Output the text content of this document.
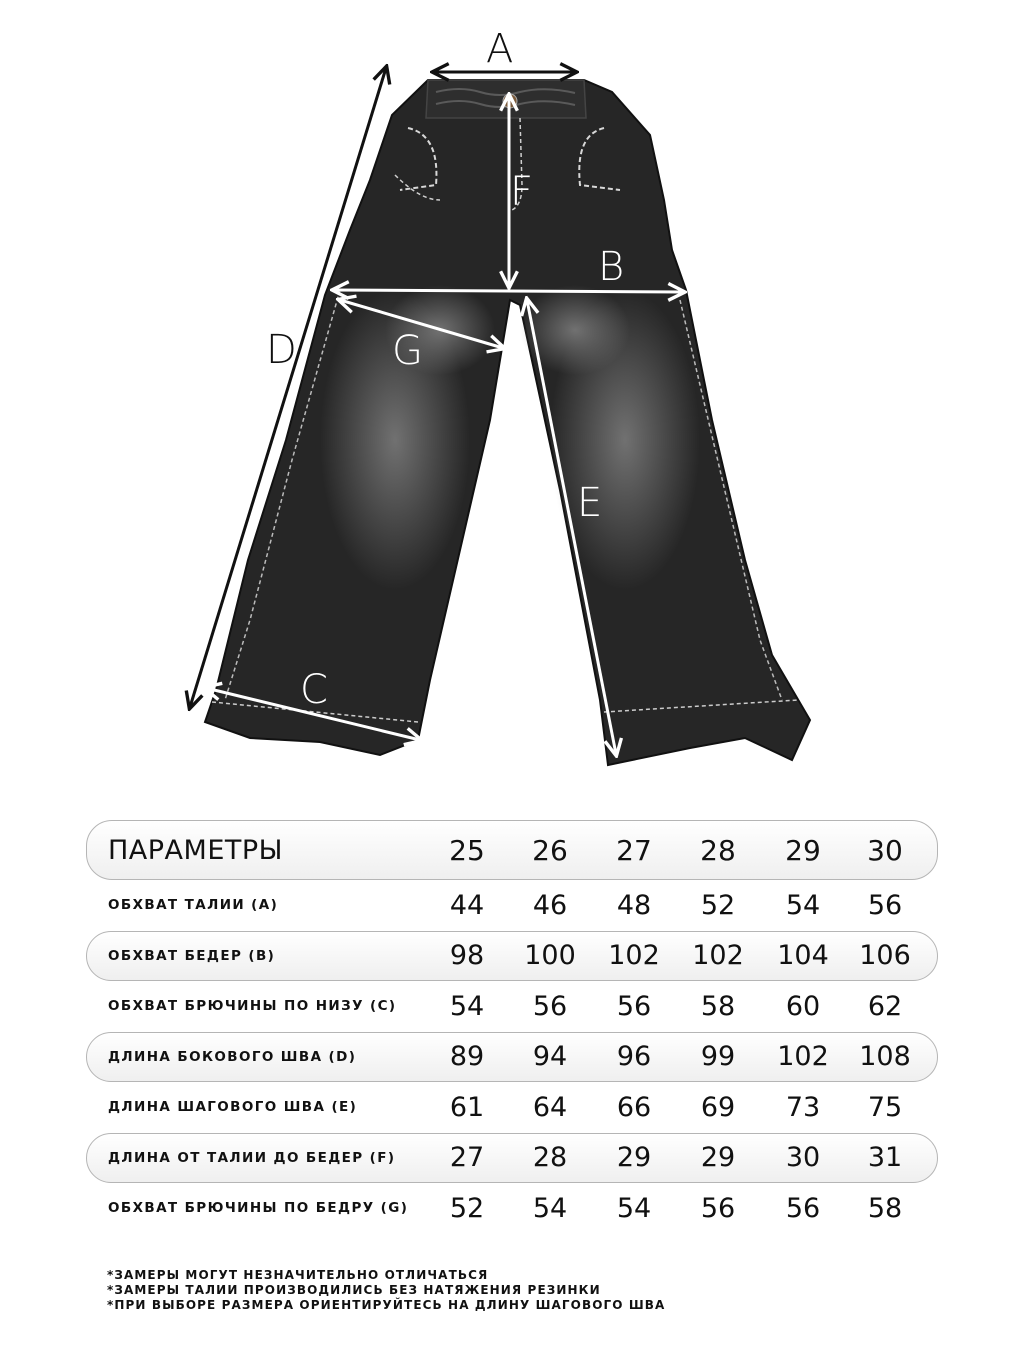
A
D
F
B
G
E
C
ПАРАМЕТРЫ	25	26	27	28	29	30
ОБХВАТ ТАЛИИ (А)	44	46	48	52	54	56
ОБХВАТ БЕДЕР (B)	98	100	102	102	104	106
ОБХВАТ БРЮЧИНЫ ПО НИЗУ (С)	54	56	56	58	60	62
ДЛИНА БОКОВОГО ШВА (D)	89	94	96	99	102	108
ДЛИНА ШАГОВОГО ШВА (E)	61	64	66	69	73	75
ДЛИНА ОТ ТАЛИИ ДО БЕДЕР (F)	27	28	29	29	30	31
ОБХВАТ БРЮЧИНЫ ПО БЕДРУ (G)	52	54	54	56	56	58
*ЗАМЕРЫ МОГУТ НЕЗНАЧИТЕЛЬНО ОТЛИЧАТЬСЯ
*ЗАМЕРЫ ТАЛИИ ПРОИЗВОДИЛИСЬ БЕЗ НАТЯЖЕНИЯ РЕЗИНКИ
*ПРИ ВЫБОРЕ РАЗМЕРА ОРИЕНТИРУЙТЕСЬ НА ДЛИНУ ШАГОВОГО ШВА
